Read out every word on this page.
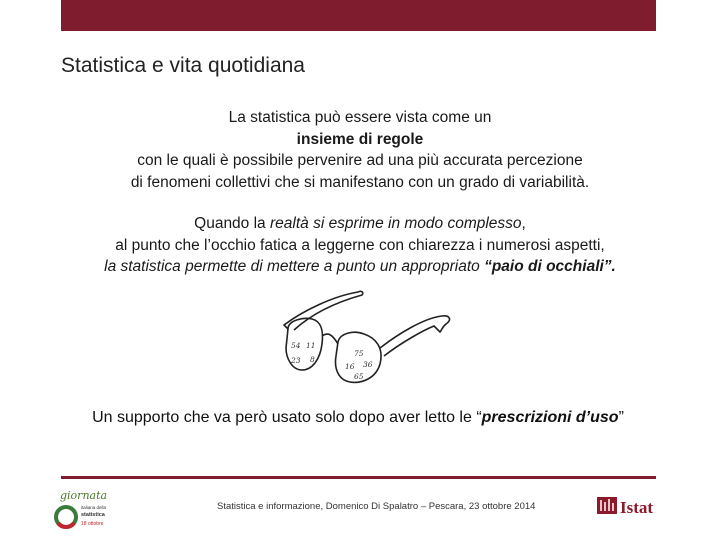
Statistica e vita quotidiana
La statistica può essere vista come un
insieme di regole
con le quali è possibile pervenire ad una più accurata percezione
di fenomeni collettivi che si manifestano con un grado di variabilità.
Quando la realtà si esprime in modo complesso,
al punto che l’occhio fatica a leggerne con chiarezza i numerosi aspetti,
la statistica permette di mettere a punto un appropriato “paio di occhiali”.
54 11
23 8
75
16 36
65
Un supporto che va però usato solo dopo aver letto le “prescrizioni d’uso”
giornata
italiana della
statistica
18 ottobre
Statistica e informazione, Domenico Di Spalatro – Pescara, 23 ottobre 2014	Istat
